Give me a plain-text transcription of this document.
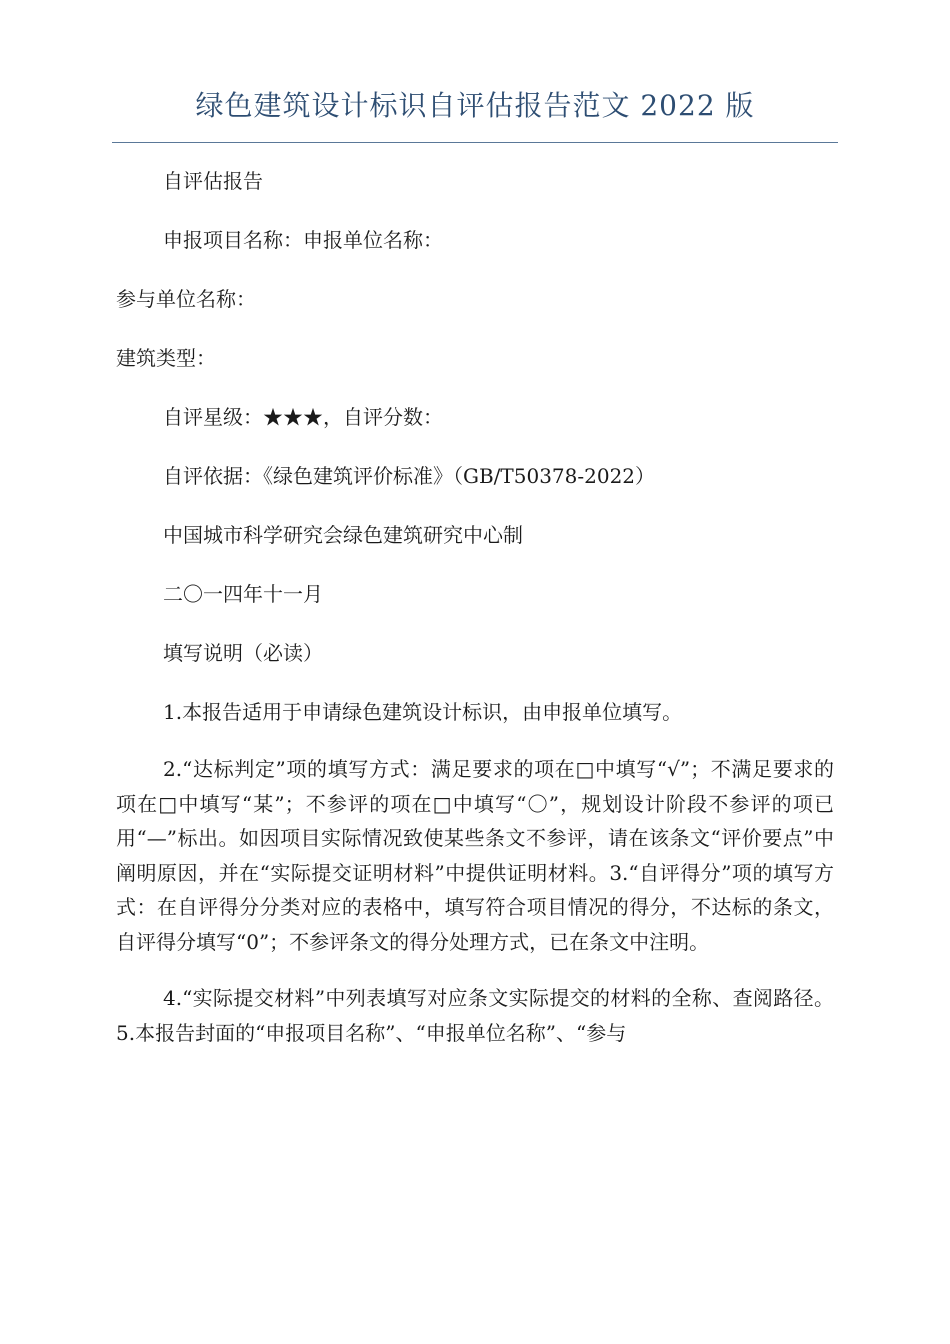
绿色建筑设计标识自评估报告范文 2022 版
自评估报告
申报项目名称：申报单位名称：
参与单位名称：
建筑类型：
自评星级：★★★，自评分数：
自评依据：《绿色建筑评价标准》（GB/T50378-2022）
中国城市科学研究会绿色建筑研究中心制
二〇一四年十一月
填写说明（必读）
1.本报告适用于申请绿色建筑设计标识，由申报单位填写。

2.“达标判定”项的填写方式：满足要求的项在□中填写“√”；不满足要求的项在□中填写“某”；不参评的项在□中填写“〇”，规划设计阶段不参评的项已用“—”标出。如因项目实际情况致使某些条文不参评，请在该条文“评价要点”中阐明原因，并在“实际提交证明材料”中提供证明材料。3.“自评得分”项的填写方式：在自评得分分类对应的表格中，填写符合项目情况的得分，不达标的条文，自评得分填写“0”；不参评条文的得分处理方式，已在条文中注明。

4.“实际提交材料”中列表填写对应条文实际提交的材料的全称、查阅路径。5.本报告封面的“申报项目名称”、“申报单位名称”、“参与
